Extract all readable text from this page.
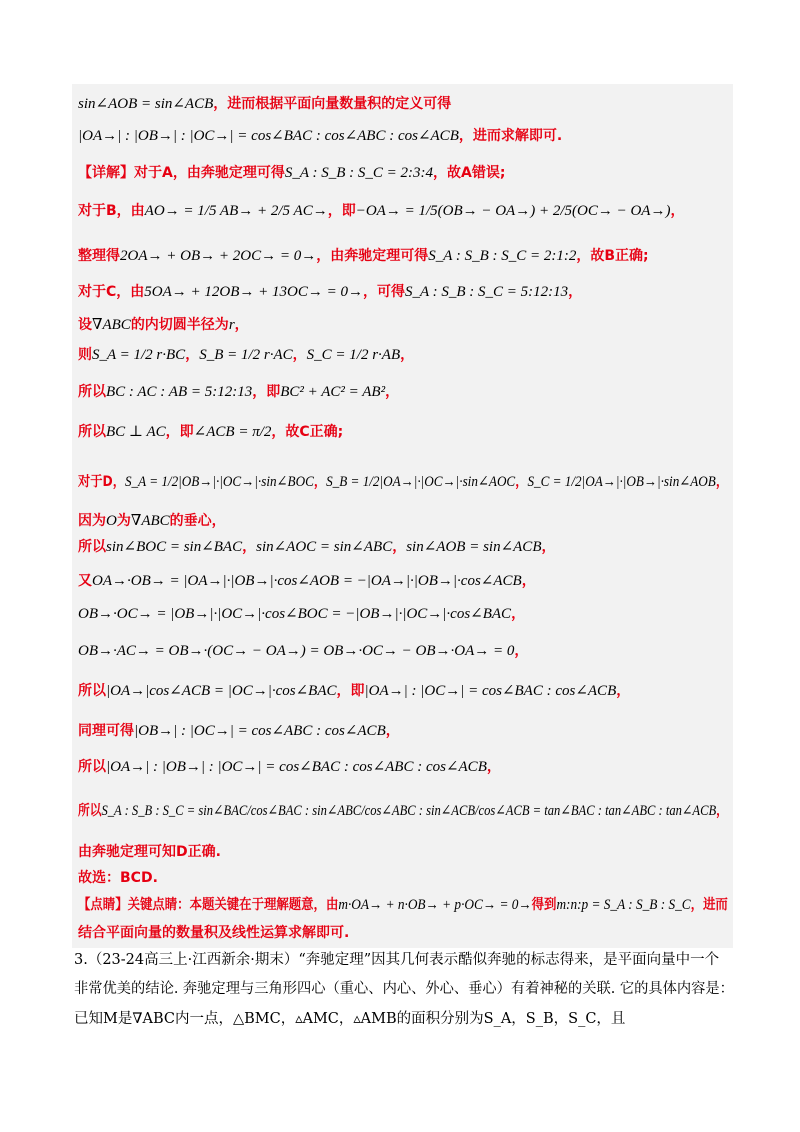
sin∠AOB = sin∠ACB，进而根据平面向量数量积的定义可得
|OA→| : |OB→| : |OC→| = cos∠BAC : cos∠ABC : cos∠ACB，进而求解即可.
【详解】对于A，由奔驰定理可得S_A : S_B : S_C = 2:3:4，故A错误;
对于B，由AO→ = 1/5 AB→ + 2/5 AC→，即−OA→ = 1/5(OB→ − OA→) + 2/5(OC→ − OA→)，
整理得2OA→ + OB→ + 2OC→ = 0→，由奔驰定理可得S_A : S_B : S_C = 2:1:2，故B正确;
对于C，由5OA→ + 12OB→ + 13OC→ = 0→，可得S_A : S_B : S_C = 5:12:13，
设∇ABC的内切圆半径为r，
则S_A = 1/2 r·BC，S_B = 1/2 r·AC，S_C = 1/2 r·AB，
所以BC : AC : AB = 5:12:13，即BC² + AC² = AB²，
所以BC ⊥ AC，即∠ACB = π/2，故C正确;
对于D，S_A = 1/2|OB→|·|OC→|·sin∠BOC，S_B = 1/2|OA→|·|OC→|·sin∠AOC，S_C = 1/2|OA→|·|OB→|·sin∠AOB，
因为O为∇ABC的垂心，
所以sin∠BOC = sin∠BAC，sin∠AOC = sin∠ABC，sin∠AOB = sin∠ACB，
又OA→·OB→ = |OA→|·|OB→|·cos∠AOB = −|OA→|·|OB→|·cos∠ACB，
OB→·OC→ = |OB→|·|OC→|·cos∠BOC = −|OB→|·|OC→|·cos∠BAC，
OB→·AC→ = OB→·(OC→ − OA→) = OB→·OC→ − OB→·OA→ = 0，
所以|OA→|cos∠ACB = |OC→|·cos∠BAC，即|OA→| : |OC→| = cos∠BAC : cos∠ACB，
同理可得|OB→| : |OC→| = cos∠ABC : cos∠ACB，
所以|OA→| : |OB→| : |OC→| = cos∠BAC : cos∠ABC : cos∠ACB，
所以S_A : S_B : S_C = sin∠BAC/cos∠BAC : sin∠ABC/cos∠ABC : sin∠ACB/cos∠ACB = tan∠BAC : tan∠ABC : tan∠ACB，
由奔驰定理可知D正确.
故选：BCD.
【点睛】关键点睛：本题关键在于理解题意，由m·OA→ + n·OB→ + p·OC→ = 0→得到m:n:p = S_A : S_B : S_C，进而
结合平面向量的数量积及线性运算求解即可.
3.（23-24高三上·江西新余·期末）“奔驰定理”因其几何表示酷似奔驰的标志得来，是平面向量中一个
非常优美的结论. 奔驰定理与三角形四心（重心、内心、外心、垂心）有着神秘的关联. 它的具体内容是：
已知M是∇ABC内一点，△BMC，▵AMC，▵AMB的面积分别为S_A，S_B，S_C，且
